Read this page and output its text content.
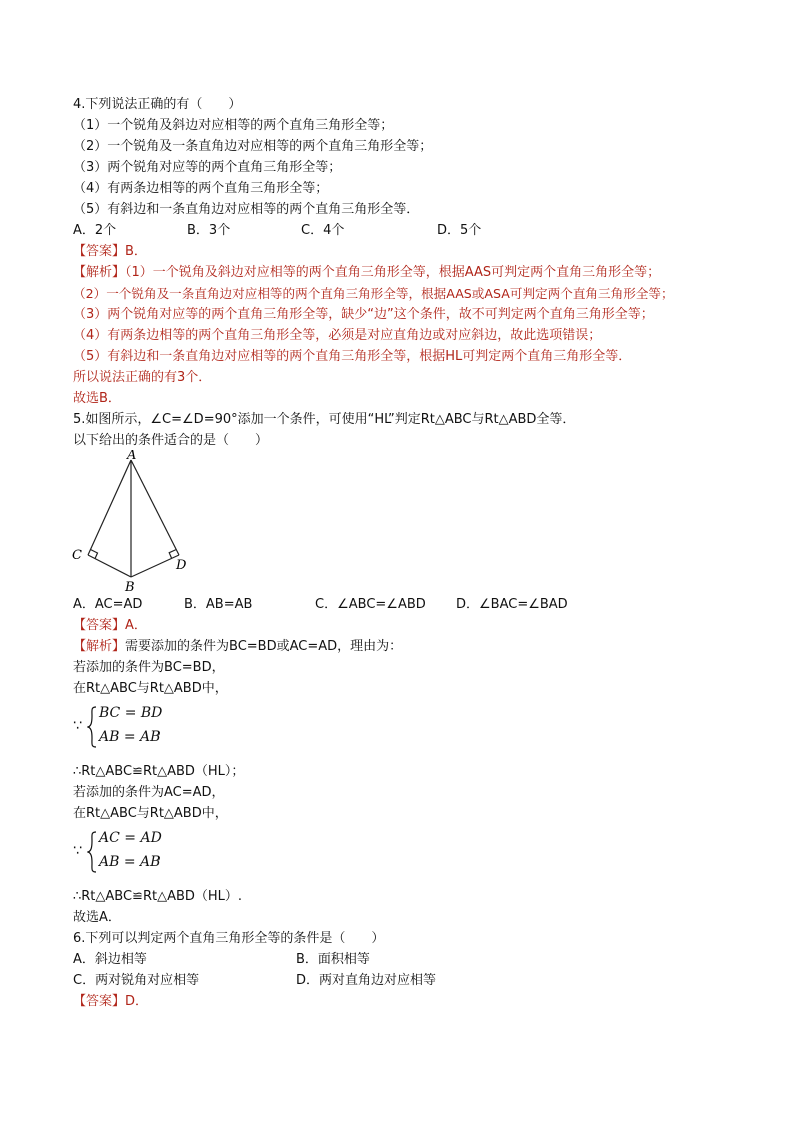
4.下列说法正确的有（　　）
（1）一个锐角及斜边对应相等的两个直角三角形全等；
（2）一个锐角及一条直角边对应相等的两个直角三角形全等；
（3）两个锐角对应等的两个直角三角形全等；
（4）有两条边相等的两个直角三角形全等；
（5）有斜边和一条直角边对应相等的两个直角三角形全等．
A．2个	B．3个	C．4个	D．5个
【答案】B．
【解析】（1）一个锐角及斜边对应相等的两个直角三角形全等，根据AAS可判定两个直角三角形全等；
（2）一个锐角及一条直角边对应相等的两个直角三角形全等，根据AAS或ASA可判定两个直角三角形全等；
（3）两个锐角对应等的两个直角三角形全等，缺少“边”这个条件，故不可判定两个直角三角形全等；
（4）有两条边相等的两个直角三角形全等，必须是对应直角边或对应斜边，故此选项错误；
（5）有斜边和一条直角边对应相等的两个直角三角形全等，根据HL可判定两个直角三角形全等．
所以说法正确的有3个．
故选B．
5.如图所示，∠C=∠D=90°添加一个条件，可使用“HL”判定Rt△ABC与Rt△ABD全等．
以下给出的条件适合的是（　　）
A
C
B
D
A．AC=AD	B．AB=AB	C．∠ABC=∠ABD D．∠BAC=∠BAD
【答案】A．
【解析】需要添加的条件为BC=BD或AC=AD，理由为：
若添加的条件为BC=BD，
在Rt△ABC与Rt△ABD中，
∵
BC = BD
AB = AB
，
∴Rt△ABC≌Rt△ABD（HL）；
若添加的条件为AC=AD，
在Rt△ABC与Rt△ABD中，
∵
AC = AD
AB = AB
，
∴Rt△ABC≌Rt△ABD（HL）.
故选A．
6.下列可以判定两个直角三角形全等的条件是（　　）
A．斜边相等	B．面积相等
C．两对锐角对应相等	D．两对直角边对应相等
【答案】D．
